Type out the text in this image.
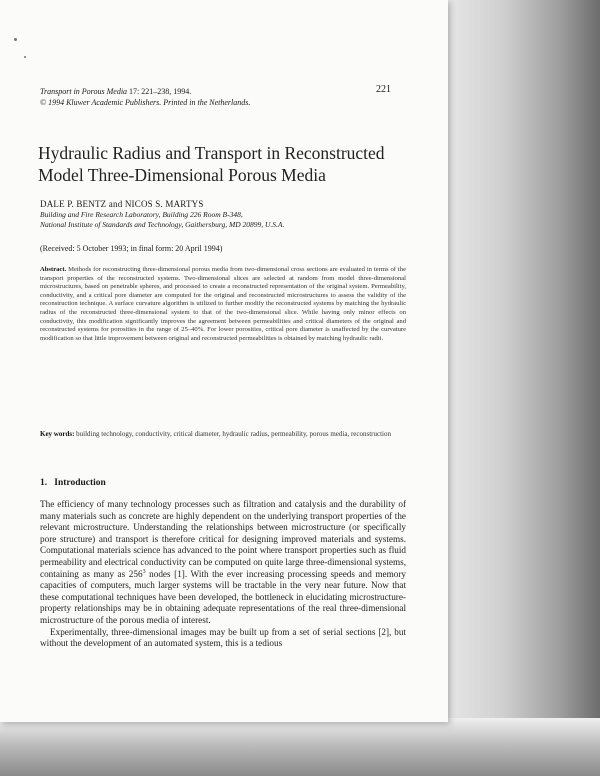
Transport in Porous Media 17: 221–238, 1994.
© 1994 Kluwer Academic Publishers. Printed in the Netherlands.
221
Hydraulic Radius and Transport in Reconstructed
Model Three-Dimensional Porous Media
DALE P. BENTZ and NICOS S. MARTYS
Building and Fire Research Laboratory, Building 226 Room B-348,
National Institute of Standards and Technology, Gaithersburg, MD 20899, U.S.A.
(Received: 5 October 1993; in final form: 20 April 1994)
Abstract. Methods for reconstructing three-dimensional porous media from two-dimensional cross sections are evaluated in terms of the transport properties of the reconstructed systems. Two-dimensional slices are selected at random from model three-dimensional microstructures, based on penetrable spheres, and processed to create a reconstructed representation of the original system. Permeability, conductivity, and a critical pore diameter are computed for the original and reconstructed microstructures to assess the validity of the reconstruction technique. A surface curvature algorithm is utilized to further modify the reconstructed systems by matching the hydraulic radius of the reconstructed three-dimensional system to that of the two-dimensional slice. While having only minor effects on conductivity, this modification significantly improves the agreement between permeabilities and critical diameters of the original and reconstructed systems for porosities in the range of 25–40%. For lower porosities, critical pore diameter is unaffected by the curvature modification so that little improvement between original and reconstructed permeabilities is obtained by matching hydraulic radii.
Key words: building technology, conductivity, critical diameter, hydraulic radius, permeability, porous media, reconstruction
1. Introduction

The efficiency of many technology processes such as filtration and catalysis and the durability of many materials such as concrete are highly dependent on the underlying transport properties of the relevant microstructure. Understanding the relationships between microstructure (or specifically pore structure) and transport is therefore critical for designing improved materials and systems. Computational materials science has advanced to the point where transport properties such as fluid permeability and electrical conductivity can be computed on quite large three-dimensional systems, containing as many as $256^3$ nodes [1]. With the ever increasing processing speeds and memory capacities of computers, much larger systems will be tractable in the very near future. Now that these computational techniques have been developed, the bottleneck in elucidating microstructure-property relationships may be in obtaining adequate representations of the real three-dimensional microstructure of the porous media of interest.

Experimentally, three-dimensional images may be built up from a set of serial sections [2], but without the development of an automated system, this is a tedious
